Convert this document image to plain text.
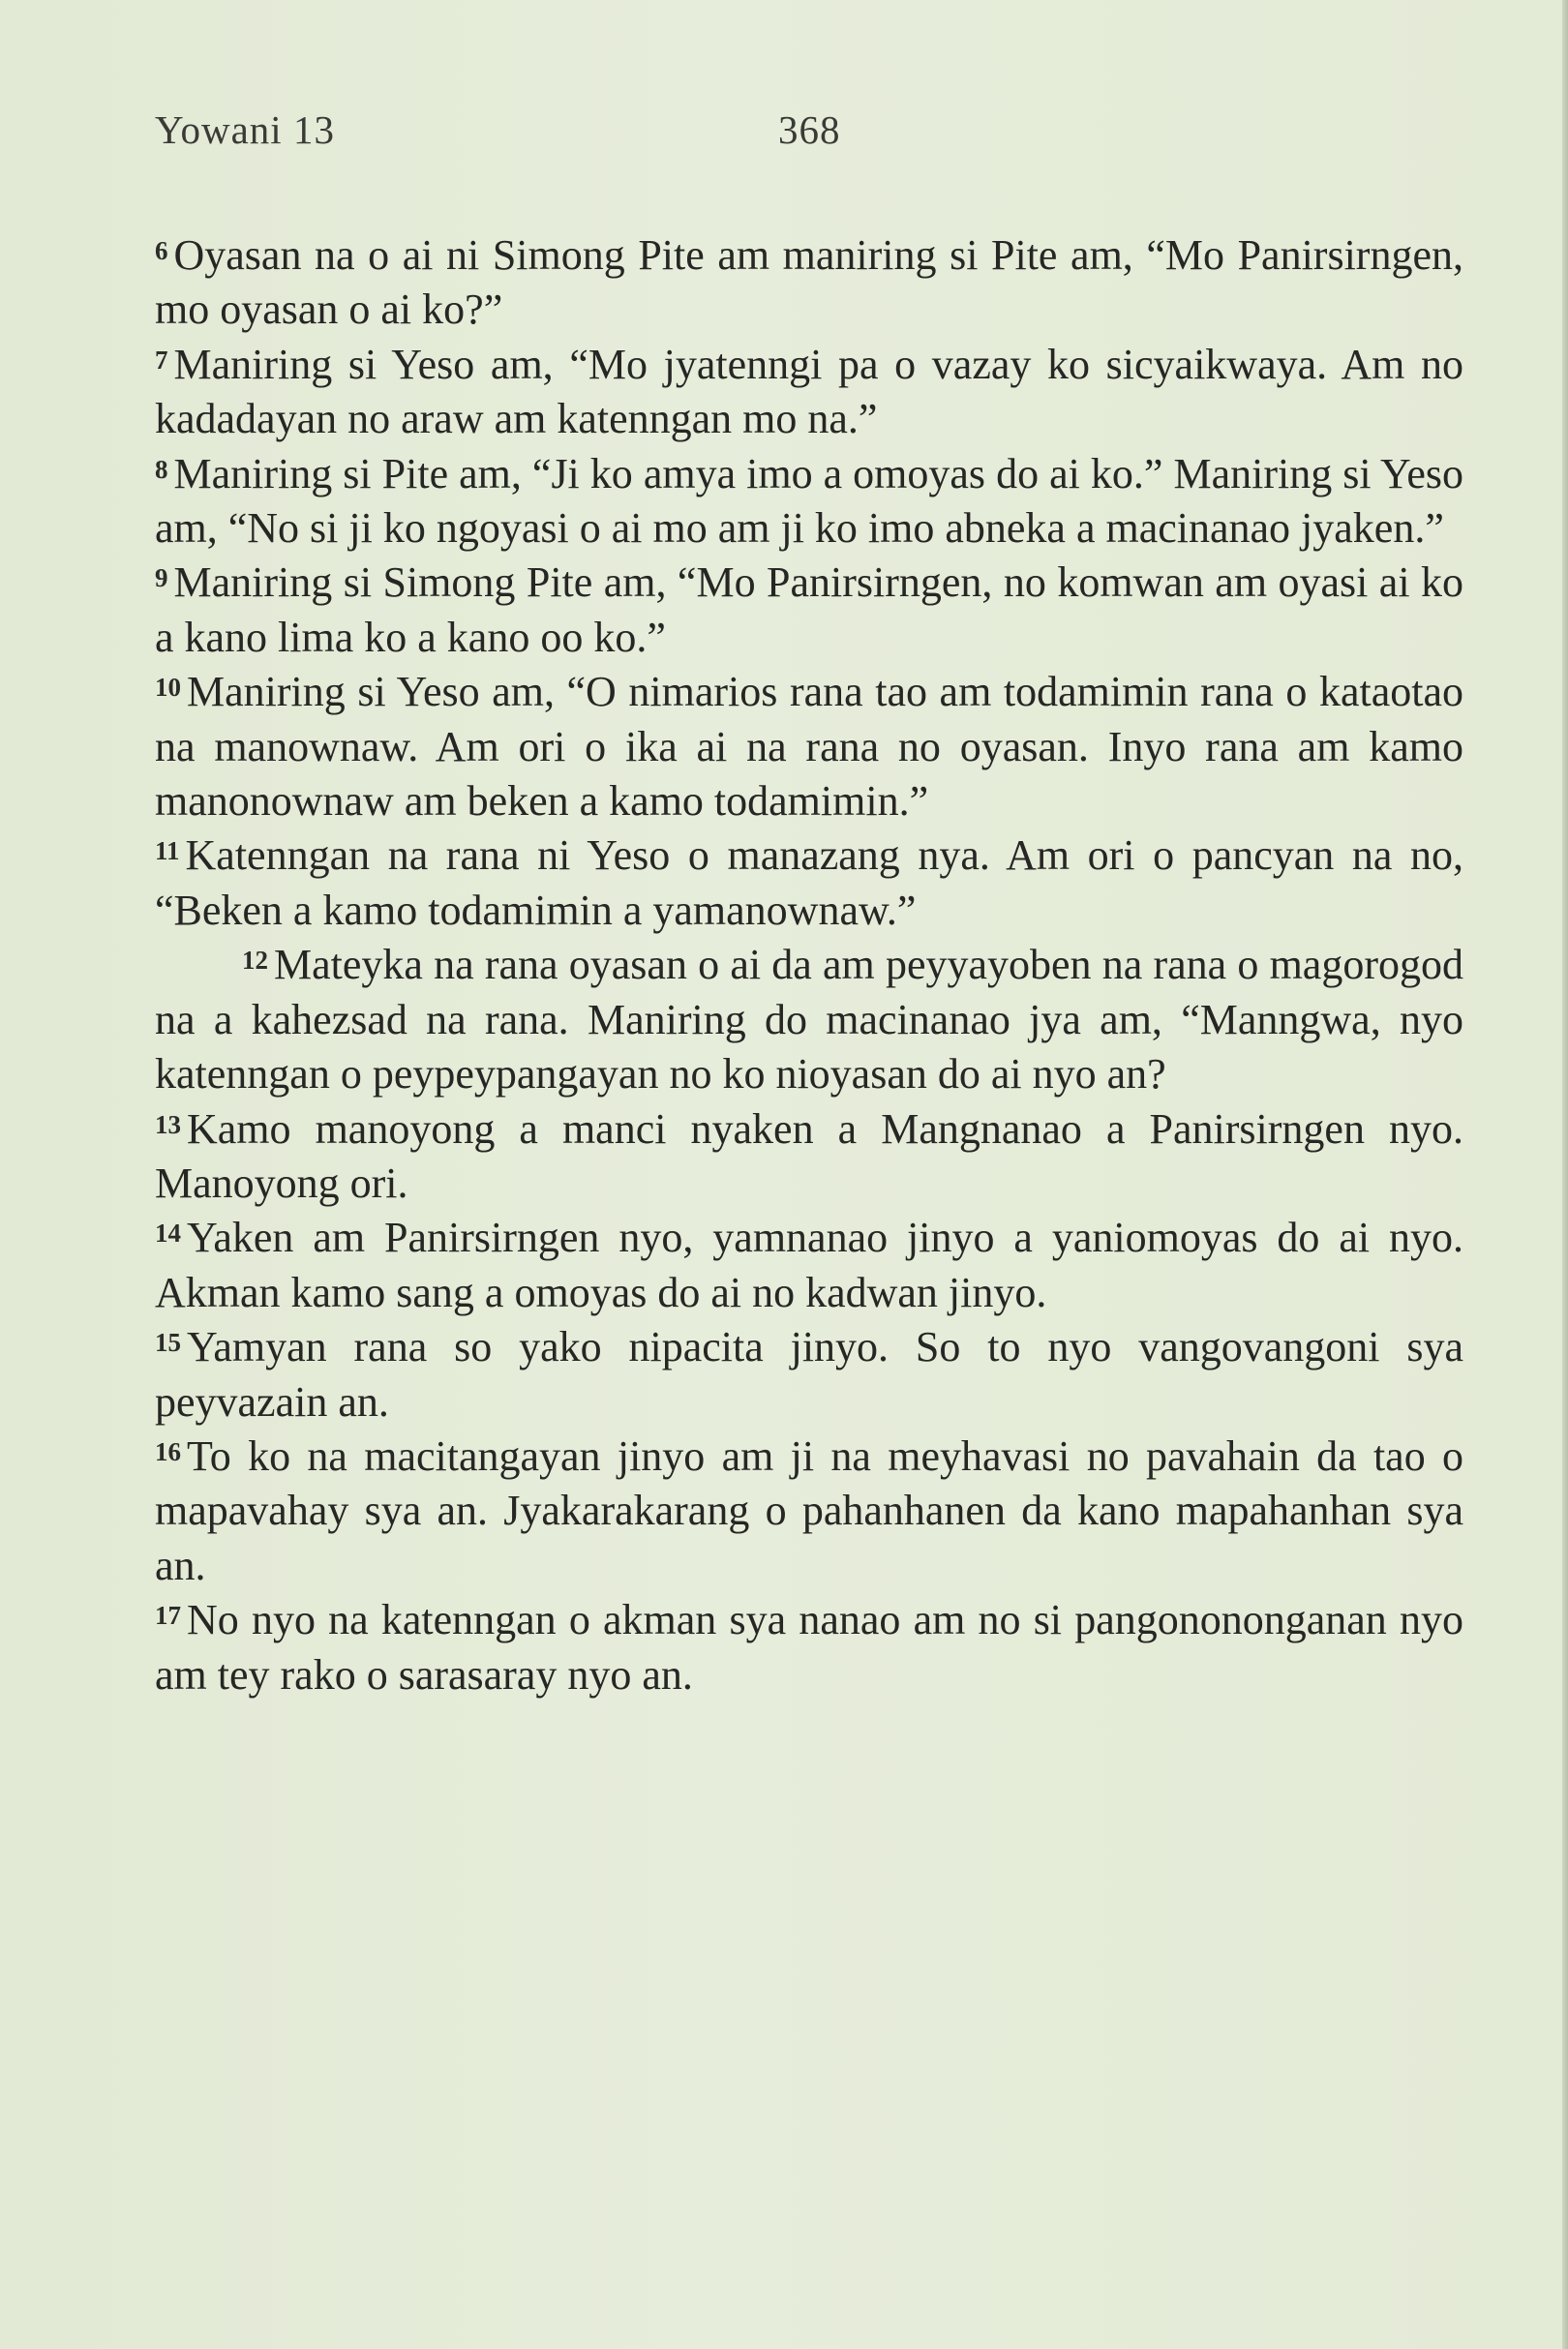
Yowani 13	368

$^6$ Oyasan na o ai ni Simong Pite am maniring si Pite am, “Mo Panirsirngen, mo oyasan o ai ko?”

$^7$ Maniring si Yeso am, “Mo jyatenngi pa o vazay ko sicyaikwaya. Am no kadadayan no araw am katenngan mo na.”

$^8$ Maniring si Pite am, “Ji ko amya imo a omoyas do ai ko.” Maniring si Yeso am, “No si ji ko ngoyasi o ai mo am ji ko imo abneka a macinanao jyaken.”

$^9$ Maniring si Simong Pite am, “Mo Panirsirngen, no komwan am oyasi ai ko a kano lima ko a kano oo ko.”

$^{10}$ Maniring si Yeso am, “O nimarios rana tao am todamimin rana o kataotao na manownaw. Am ori o ika ai na rana no oyasan. Inyo rana am kamo manonownaw am beken a kamo todamimin.”

$^{11}$ Katenngan na rana ni Yeso o manazang nya. Am ori o pancyan na no, “Beken a kamo todamimin a yamanownaw.”

$^{12}$ Mateyka na rana oyasan o ai da am peyyayoben na rana o magorogod na a kahezsad na rana. Maniring do macinanao jya am, “Manngwa, nyo katenngan o peypeypangayan no ko nioyasan do ai nyo an?

$^{13}$ Kamo manoyong a manci nyaken a Mangnanao a Panirsirngen nyo. Manoyong ori.

$^{14}$ Yaken am Panirsirngen nyo, yamnanao jinyo a yaniomoyas do ai nyo. Akman kamo sang a omoyas do ai no kadwan jinyo.

$^{15}$ Yamyan rana so yako nipacita jinyo. So to nyo vangovangoni sya peyvazain an.

$^{16}$ To ko na macitangayan jinyo am ji na meyhavasi no pavahain da tao o mapavahay sya an. Jyakarakarang o pahanhanen da kano mapahanhan sya an.

$^{17}$ No nyo na katenngan o akman sya nanao am no si pangonononganan nyo am tey rako o sarasaray nyo an.
